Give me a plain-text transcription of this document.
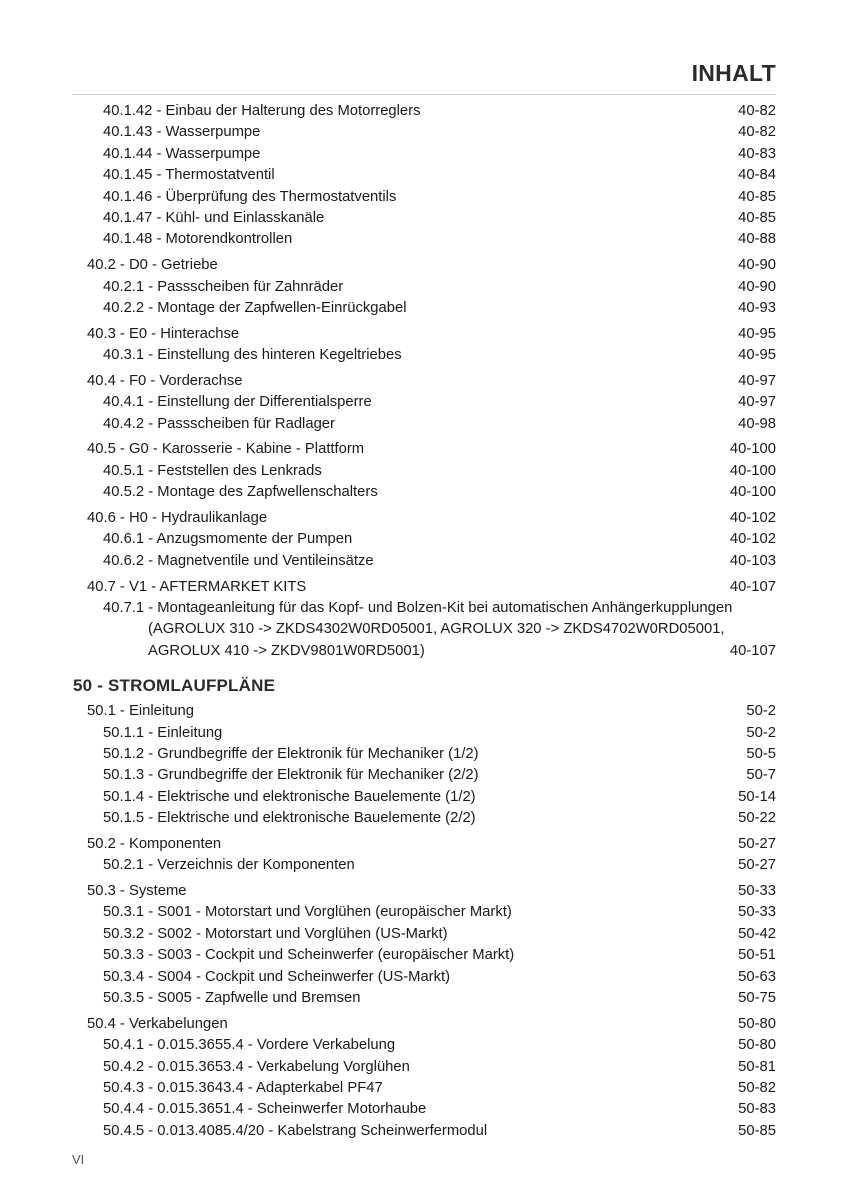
INHALT
40.1.42 - Einbau der Halterung des Motorreglers	40-82
40.1.43 - Wasserpumpe	40-82
40.1.44 - Wasserpumpe	40-83
40.1.45 - Thermostatventil	40-84
40.1.46 - Überprüfung des Thermostatventils	40-85
40.1.47 - Kühl- und Einlasskanäle	40-85
40.1.48 - Motorendkontrollen	40-88
40.2 - D0 - Getriebe	40-90
40.2.1 - Passscheiben für Zahnräder	40-90
40.2.2 - Montage der Zapfwellen-Einrückgabel	40-93
40.3 - E0 - Hinterachse	40-95
40.3.1 - Einstellung des hinteren Kegeltriebes	40-95
40.4 - F0 - Vorderachse	40-97
40.4.1 - Einstellung der Differentialsperre	40-97
40.4.2 - Passscheiben für Radlager	40-98
40.5 - G0 - Karosserie - Kabine - Plattform	40-100
40.5.1 - Feststellen des Lenkrads	40-100
40.5.2 - Montage des Zapfwellenschalters	40-100
40.6 - H0 - Hydraulikanlage	40-102
40.6.1 - Anzugsmomente der Pumpen	40-102
40.6.2 - Magnetventile und Ventileinsätze	40-103
40.7 - V1 - AFTERMARKET KITS	40-107
40.7.1 - Montageanleitung für das Kopf- und Bolzen-Kit bei automatischen Anhängerkupplungen
(AGROLUX 310 -> ZKDS4302W0RD05001, AGROLUX 320 -> ZKDS4702W0RD05001,
AGROLUX 410 -> ZKDV9801W0RD5001)	40-107
50 - STROMLAUFPLÄNE
50.1 - Einleitung	50-2
50.1.1 - Einleitung	50-2
50.1.2 - Grundbegriffe der Elektronik für Mechaniker (1/2)	50-5
50.1.3 - Grundbegriffe der Elektronik für Mechaniker (2/2)	50-7
50.1.4 - Elektrische und elektronische Bauelemente (1/2)	50-14
50.1.5 - Elektrische und elektronische Bauelemente (2/2)	50-22
50.2 - Komponenten	50-27
50.2.1 - Verzeichnis der Komponenten	50-27
50.3 - Systeme	50-33
50.3.1 - S001 - Motorstart und Vorglühen (europäischer Markt)	50-33
50.3.2 - S002 - Motorstart und Vorglühen (US-Markt)	50-42
50.3.3 - S003 - Cockpit und Scheinwerfer (europäischer Markt)	50-51
50.3.4 - S004 - Cockpit und Scheinwerfer (US-Markt)	50-63
50.3.5 - S005 - Zapfwelle und Bremsen	50-75
50.4 - Verkabelungen	50-80
50.4.1 - 0.015.3655.4 - Vordere Verkabelung	50-80
50.4.2 - 0.015.3653.4 - Verkabelung Vorglühen	50-81
50.4.3 - 0.015.3643.4 - Adapterkabel PF47	50-82
50.4.4 - 0.015.3651.4 - Scheinwerfer Motorhaube	50-83
50.4.5 - 0.013.4085.4/20 - Kabelstrang Scheinwerfermodul	50-85
VI
